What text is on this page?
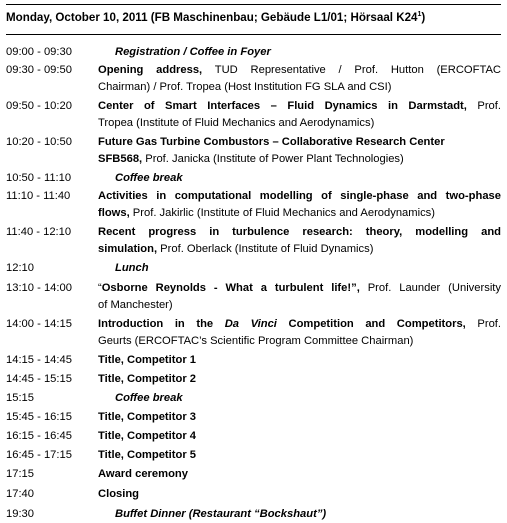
Monday, October 10, 2011 (FB Maschinenbau; Gebäude L1/01; Hörsaal $K24^1$)
09:00 - 09:30	Registration / Coffee in Foyer
09:30 - 09:50 Opening address, TUD Representative / Prof. Hutton (ERCOFTAC
Chairman) / Prof. Tropea (Host Institution FG SLA and CSI)
09:50 - 10:20 Center of Smart Interfaces – Fluid Dynamics in Darmstadt, Prof.
Tropea (Institute of Fluid Mechanics and Aerodynamics)
10:20 - 10:50 Future Gas Turbine Combustors – Collaborative Research Center
SFB568, Prof. Janicka (Institute of Power Plant Technologies)
10:50 - 11:10	Coffee break
11:10 - 11:40 Activities in computational modelling of single-phase and two-phase
flows, Prof. Jakirlic (Institute of Fluid Mechanics and Aerodynamics)
11:40 - 12:10 Recent progress in turbulence research: theory, modelling and
simulation, Prof. Oberlack (Institute of Fluid Dynamics)
12:10	Lunch
13:10 - 14:00 “Osborne Reynolds - What a turbulent life!”, Prof. Launder (University
of Manchester)
14:00 - 14:15 Introduction in the Da Vinci Competition and Competitors, Prof.
Geurts (ERCOFTAC’s Scientific Program Committee Chairman)
14:15 - 14:45 Title, Competitor 1
14:45 - 15:15 Title, Competitor 2
15:15	Coffee break
15:45 - 16:15 Title, Competitor 3
16:15 - 16:45 Title, Competitor 4
16:45 - 17:15 Title, Competitor 5
17:15	Award ceremony
17:40	Closing
19:30	Buffet Dinner (Restaurant “Bockshaut”)
